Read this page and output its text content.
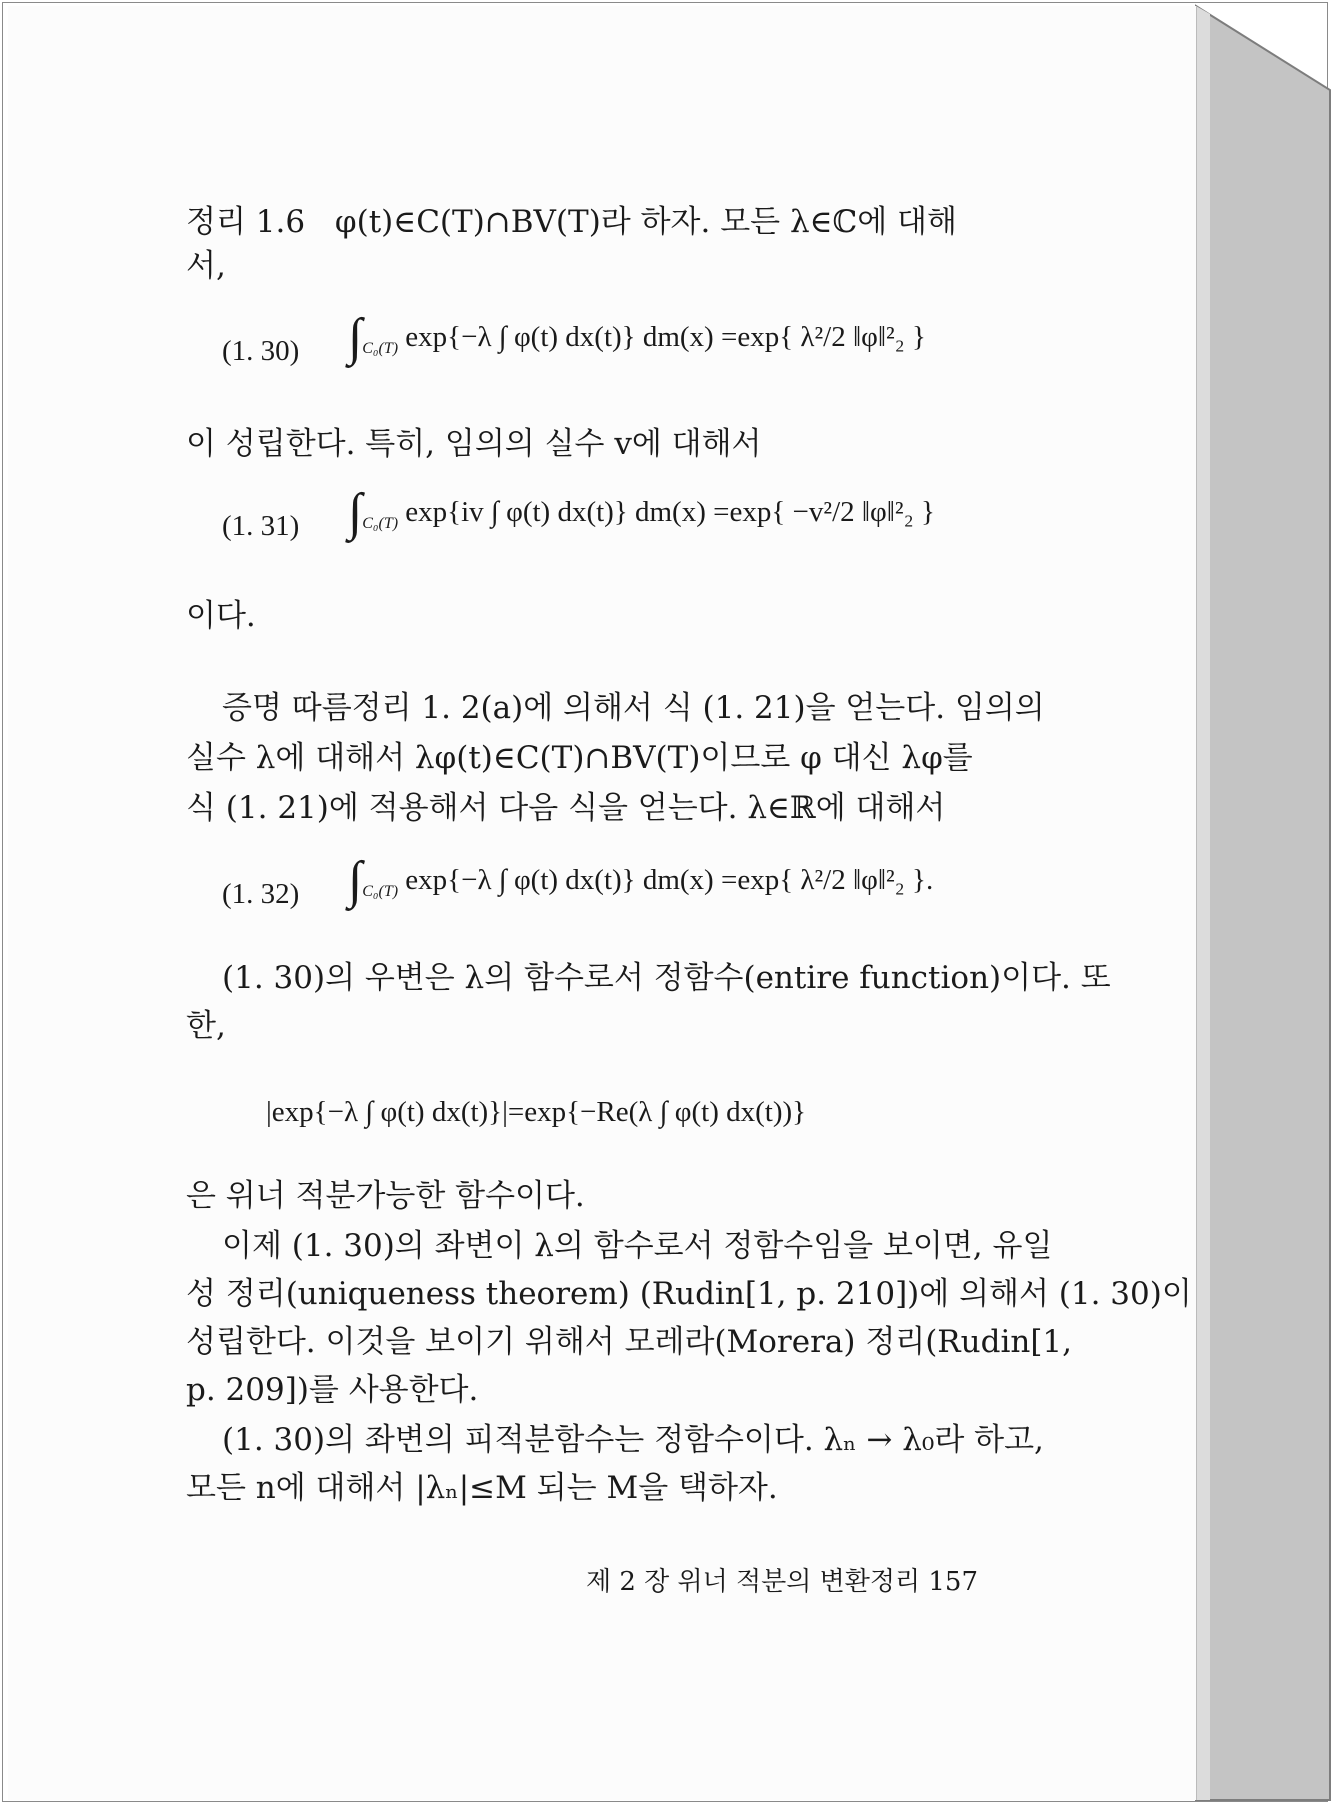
정리 1.6 φ(t)∈C(T)∩BV(T)라 하자. 모든 λ∈ℂ에 대해
서,
(1. 30) $\int_{C_0(T)}$ exp{−λ ∫ φ(t) dx(t)} dm(x) =exp{ λ²/2 ‖φ‖²₂ }
이 성립한다. 특히, 임의의 실수 v에 대해서
(1. 31) $\int_{C_0(T)}$ exp{iv ∫ φ(t) dx(t)} dm(x) =exp{ −v²/2 ‖φ‖²₂ }
이다.
증명 따름정리 1. 2(a)에 의해서 식 (1. 21)을 얻는다. 임의의
실수 λ에 대해서 λφ(t)∈C(T)∩BV(T)이므로 φ 대신 λφ를
식 (1. 21)에 적용해서 다음 식을 얻는다. λ∈ℝ에 대해서
(1. 32) $\int_{C_0(T)}$ exp{−λ ∫ φ(t) dx(t)} dm(x) =exp{ λ²/2 ‖φ‖²₂ }.
(1. 30)의 우변은 λ의 함수로서 정함수(entire function)이다. 또
한,
|exp{−λ ∫ φ(t) dx(t)}|=exp{−Re(λ ∫ φ(t) dx(t))}
은 위너 적분가능한 함수이다.
이제 (1. 30)의 좌변이 λ의 함수로서 정함수임을 보이면, 유일
성 정리(uniqueness theorem) (Rudin[1, p. 210])에 의해서 (1. 30)이
성립한다. 이것을 보이기 위해서 모레라(Morera) 정리(Rudin[1,
p. 209])를 사용한다.
(1. 30)의 좌변의 피적분함수는 정함수이다. λₙ → λ₀라 하고,
모든 n에 대해서 |λₙ|≤M 되는 M을 택하자.
제 2 장 위너 적분의 변환정리 157
